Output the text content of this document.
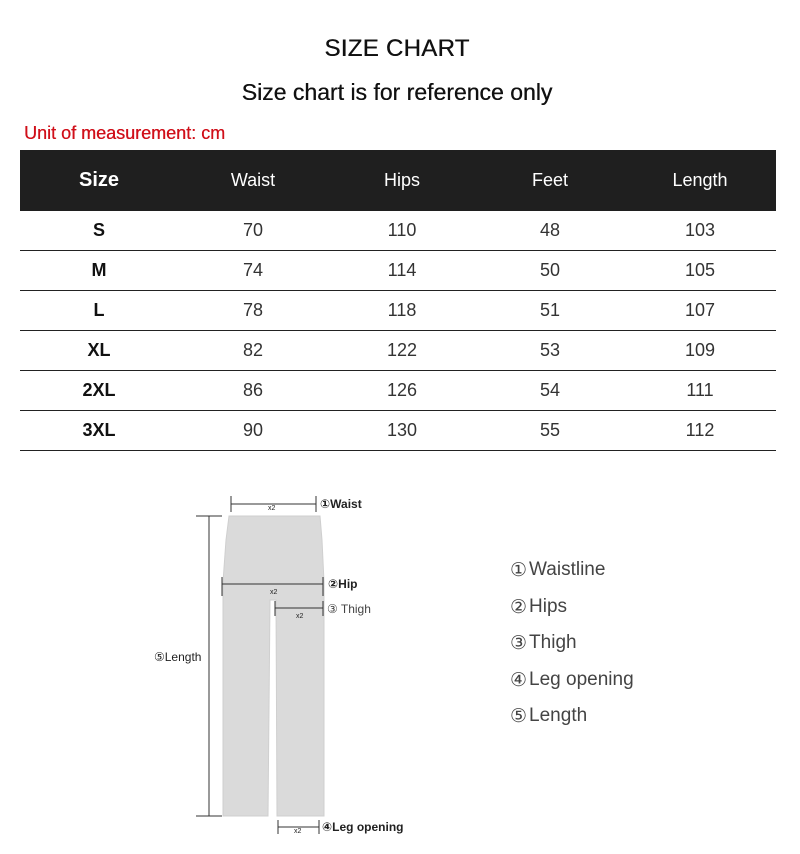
SIZE CHART
Size chart is for reference only
Unit of measurement: cm
Size	Waist	Hips	Feet	Length
S	70	110	48	103
M	74	114	50	105
L	78	118	51	107
XL	82	122	53	109
2XL	86	126	54	111
3XL	90	130	55	112
x2
x2
x2
x2
①Waist
②Hip
③ Thigh
④Leg opening
⑤Length
① Waistline
② Hips
③ Thigh
④ Leg opening
⑤ Length
